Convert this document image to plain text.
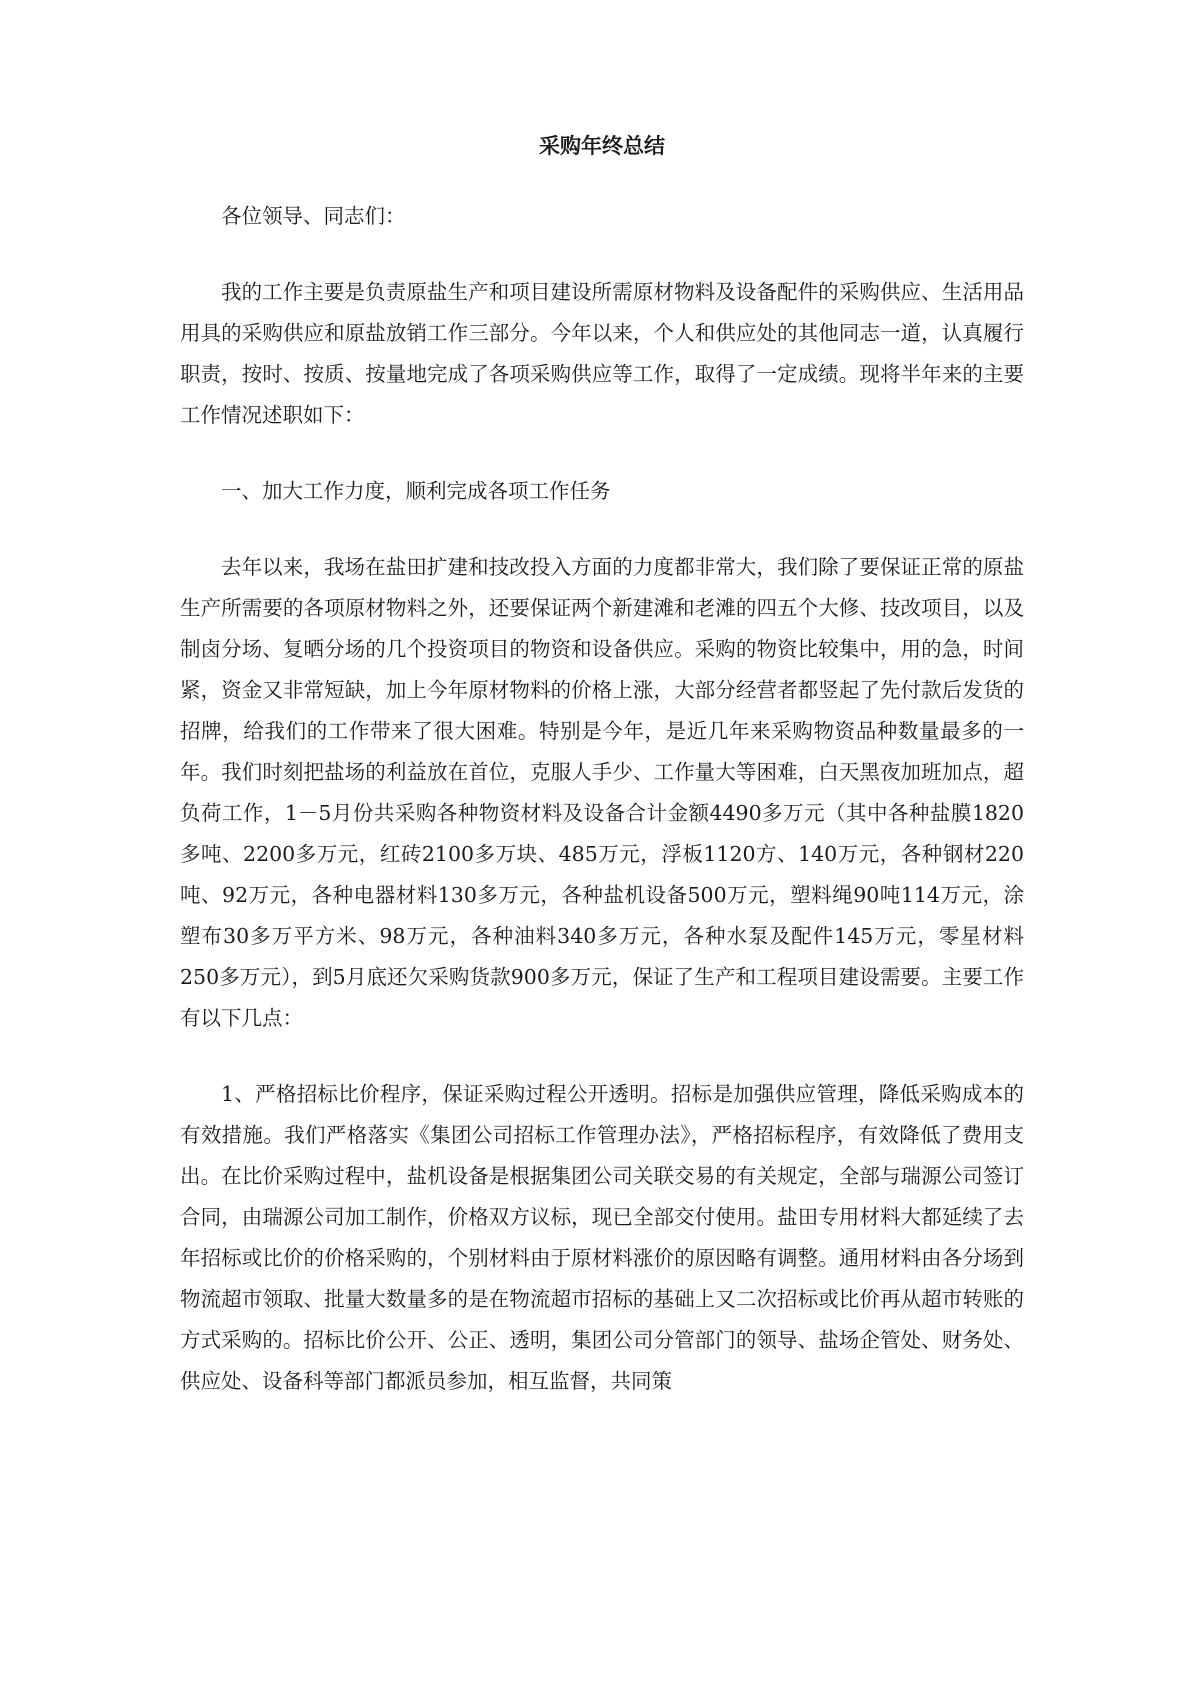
采购年终总结

各位领导、同志们：

我的工作主要是负责原盐生产和项目建设所需原材物料及设备配件的采购供应、生活用品用具的采购供应和原盐放销工作三部分。今年以来，个人和供应处的其他同志一道，认真履行职责，按时、按质、按量地完成了各项采购供应等工作，取得了一定成绩。现将半年来的主要工作情况述职如下：

一、加大工作力度，顺利完成各项工作任务

去年以来，我场在盐田扩建和技改投入方面的力度都非常大，我们除了要保证正常的原盐生产所需要的各项原材物料之外，还要保证两个新建滩和老滩的四五个大修、技改项目，以及制卤分场、复晒分场的几个投资项目的物资和设备供应。采购的物资比较集中，用的急，时间紧，资金又非常短缺，加上今年原材物料的价格上涨，大部分经营者都竖起了先付款后发货的招牌，给我们的工作带来了很大困难。特别是今年，是近几年来采购物资品种数量最多的一年。我们时刻把盐场的利益放在首位，克服人手少、工作量大等困难，白天黑夜加班加点，超负荷工作，1－5月份共采购各种物资材料及设备合计金额4490多万元（其中各种盐膜1820多吨、2200多万元，红砖2100多万块、485万元，浮板1120方、140万元，各种钢材220吨、92万元，各种电器材料130多万元，各种盐机设备500万元，塑料绳90吨114万元，涂塑布30多万平方米、98万元，各种油料340多万元，各种水泵及配件145万元，零星材料250多万元），到5月底还欠采购货款900多万元，保证了生产和工程项目建设需要。主要工作有以下几点：

1、严格招标比价程序，保证采购过程公开透明。招标是加强供应管理，降低采购成本的有效措施。我们严格落实《集团公司招标工作管理办法》，严格招标程序，有效降低了费用支出。在比价采购过程中，盐机设备是根据集团公司关联交易的有关规定，全部与瑞源公司签订合同，由瑞源公司加工制作，价格双方议标，现已全部交付使用。盐田专用材料大都延续了去年招标或比价的价格采购的，个别材料由于原材料涨价的原因略有调整。通用材料由各分场到物流超市领取、批量大数量多的是在物流超市招标的基础上又二次招标或比价再从超市转账的方式采购的。招标比价公开、公正、透明，集团公司分管部门的领导、盐场企管处、财务处、供应处、设备科等部门都派员参加，相互监督，共同策
